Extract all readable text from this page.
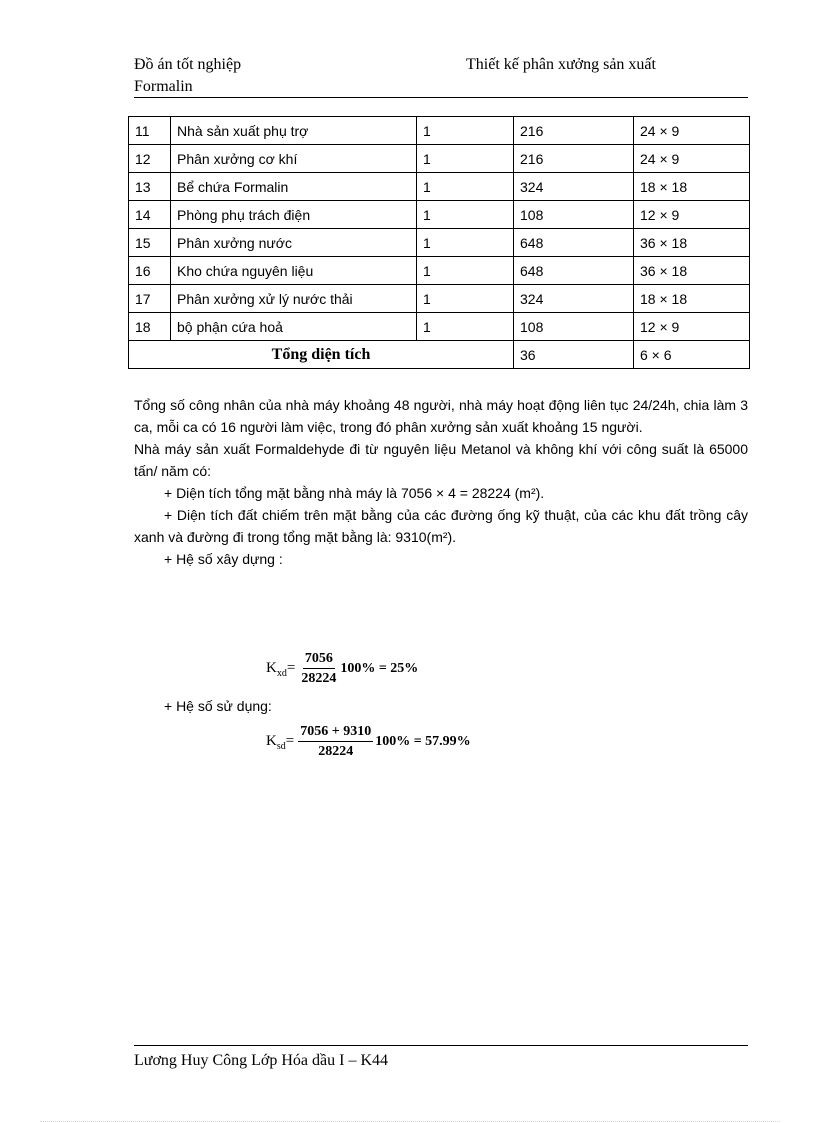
Đồ án tốt nghiệp
Formalin
Thiết kế phân xưởng sản xuất
11	Nhà sản xuất phụ trợ	1	216	24 × 9
12	Phân xưởng cơ khí	1	216	24 × 9
13	Bể chứa Formalin	1	324	18 × 18
14	Phòng phụ trách điện	1	108	12 × 9
15	Phân xưởng nước	1	648	36 × 18
16	Kho chứa nguyên liệu	1	648	36 × 18
17	Phân xưởng xử lý nước thải	1	324	18 × 18
18	bộ phận cứa hoả	1	108	12 × 9
Tổng diện tích			36	6 × 6

Tổng số công nhân của nhà máy khoảng 48 người, nhà máy hoạt động liên tục 24/24h, chia làm 3 ca, mỗi ca có 16 người làm việc, trong đó phân xưởng sản xuất khoảng 15 người.

Nhà máy sản xuất Formaldehyde đi từ nguyên liệu Metanol và không khí với công suất là 65000 tấn/ năm có:

+ Diện tích tổng mặt bằng nhà máy là 7056 × 4 = 28224 (m²).

+ Diện tích đất chiếm trên mặt bằng của các đường ống kỹ thuật, của các khu đất trồng cây xanh và đường đi trong tổng mặt bằng là: 9310(m²).

+ Hệ số xây dựng :

$K_{xd}= \frac{7056}{28224} 100\% = 25\%$
+ Hệ số sử dụng:
$K_{sd}= \frac{7056 + 9310}{28224} 100\% = 57.99\%$
Lương Huy Công Lớp Hóa dầu I – K44
